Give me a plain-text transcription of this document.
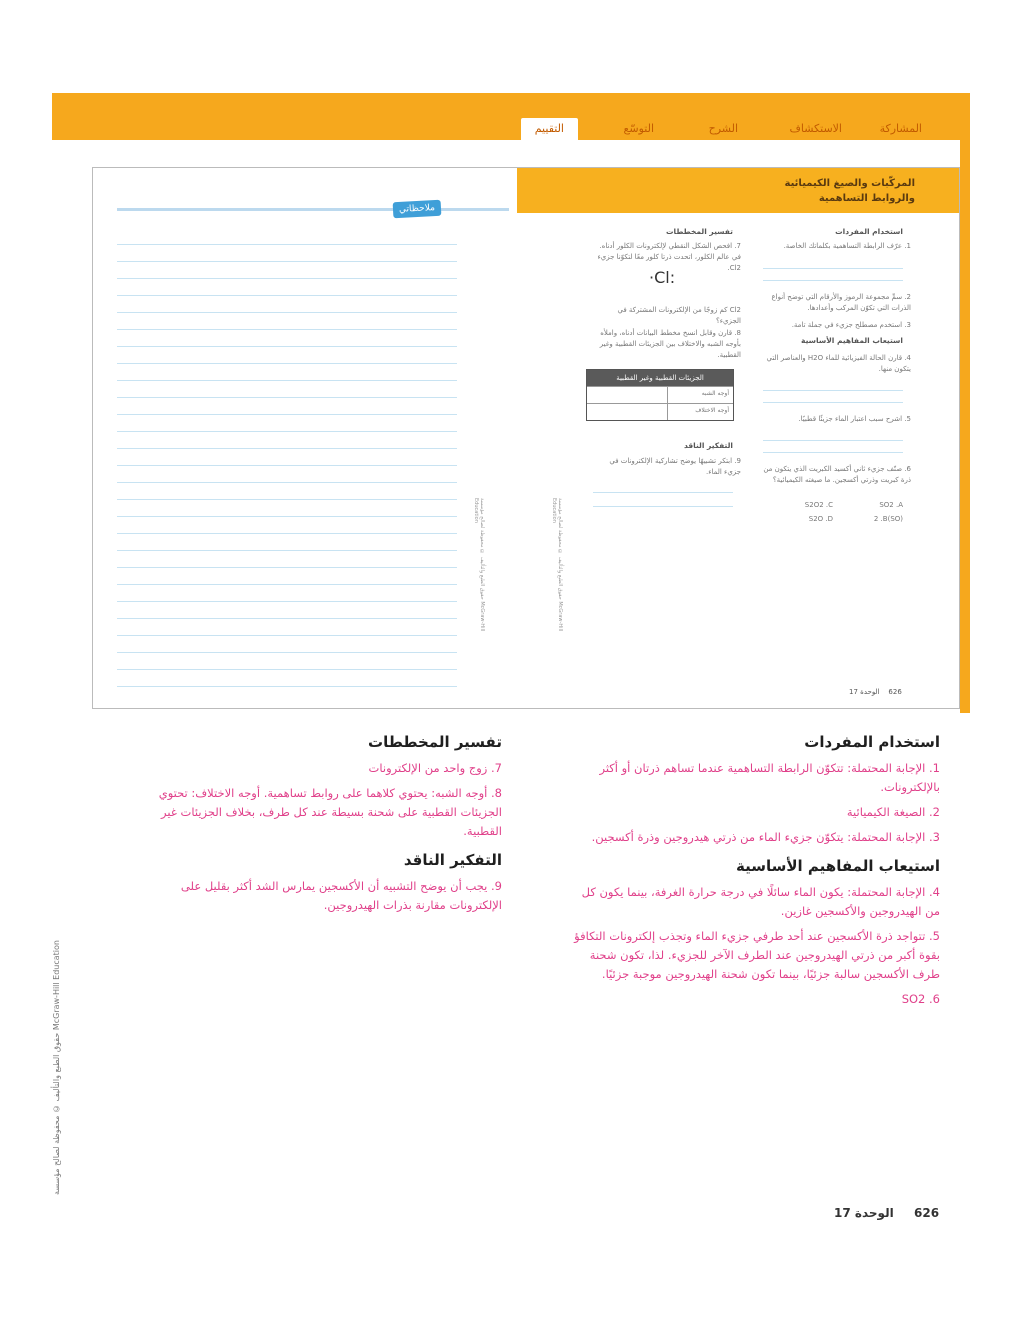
المشاركة
الاستكشاف
الشرح
التوسّع
التقييم
المركّبات والصيغ الكيميائية
والروابط التساهمية
ملاحظاتي
استخدام المفردات
1. عرّف الرابطة التساهمية بكلماتك الخاصة.
2. سمِّ مجموعة الرموز والأرقام التي توضح أنواع الذرات التي تكوّن المركب وأعدادها.
3. استخدم مصطلح جزيء في جملة تامة.
استيعاب المفاهيم الأساسية
4. قارن الحالة الفيزيائية للماء H2O والعناصر التي يتكون منها.
5. اشرح سبب اعتبار الماء جزيئًا قطبيًا.
6. صنّف جزيء ثاني أكسيد الكبريت الذي يتكون من ذرة كبريت وذرتي أكسجين. ما صيغته الكيميائية؟
SO2 .A
(SO)2 .B
S2O2 .C
S2O .D
تفسير المخططات
7. افحص الشكل النقطي لإلكترونات الكلور أدناه. في عالم الكلور، اتحدت ذرتا كلور معًا لتكوّنا جزيء Cl2.
·Cl:
Cl2 كم زوجًا من الإلكترونات المشتركة في الجزيء؟
8. قارن وقابل انسخ مخطط البيانات أدناه، واملأه بأوجه الشبه والاختلاف بين الجزيئات القطبية وغير القطبية.
الجزيئات القطبية وغير القطبية
أوجه الشبه
أوجه الاختلاف
التفكير الناقد
9. ابتكر تشبيهًا يوضح تشاركية الإلكترونات في جزيء الماء.
حقوق الطبع والتأليف © محفوظة لصالح مؤسسة McGraw-Hill Education	حقوق الطبع والتأليف © محفوظة لصالح مؤسسة McGraw-Hill Education
626    الوحدة 17
استخدام المفردات
1. الإجابة المحتملة: تتكوّن الرابطة التساهمية عندما تساهم ذرتان أو أكثر بالإلكترونات.
2. الصيغة الكيميائية
3. الإجابة المحتملة: يتكوّن جزيء الماء من ذرتي هيدروجين وذرة أكسجين.
استيعاب المفاهيم الأساسية
4. الإجابة المحتملة: يكون الماء سائلًا في درجة حرارة الغرفة، بينما يكون كل من الهيدروجين والأكسجين غازين.
5. تتواجد ذرة الأكسجين عند أحد طرفي جزيء الماء وتجذب إلكترونات التكافؤ بقوة أكبر من ذرتي الهيدروجين عند الطرف الآخر للجزيء. لذا، تكون شحنة طرف الأكسجين سالبة جزئيًا، بينما تكون شحنة الهيدروجين موجبة جزئيًا.
SO2 .6
تفسير المخططات
7. زوج واحد من الإلكترونات
8. أوجه الشبه: يحتوي كلاهما على روابط تساهمية. أوجه الاختلاف: تحتوي الجزيئات القطبية على شحنة بسيطة عند كل طرف، بخلاف الجزيئات غير القطبية.
التفكير الناقد
9. يجب أن يوضح التشبيه أن الأكسجين يمارس الشد أكثر بقليل على الإلكترونات مقارنة بذرات الهيدروجين.
حقوق الطبع والتأليف © محفوظة لصالح مؤسسة McGraw-Hill Education
626
الوحدة 17
